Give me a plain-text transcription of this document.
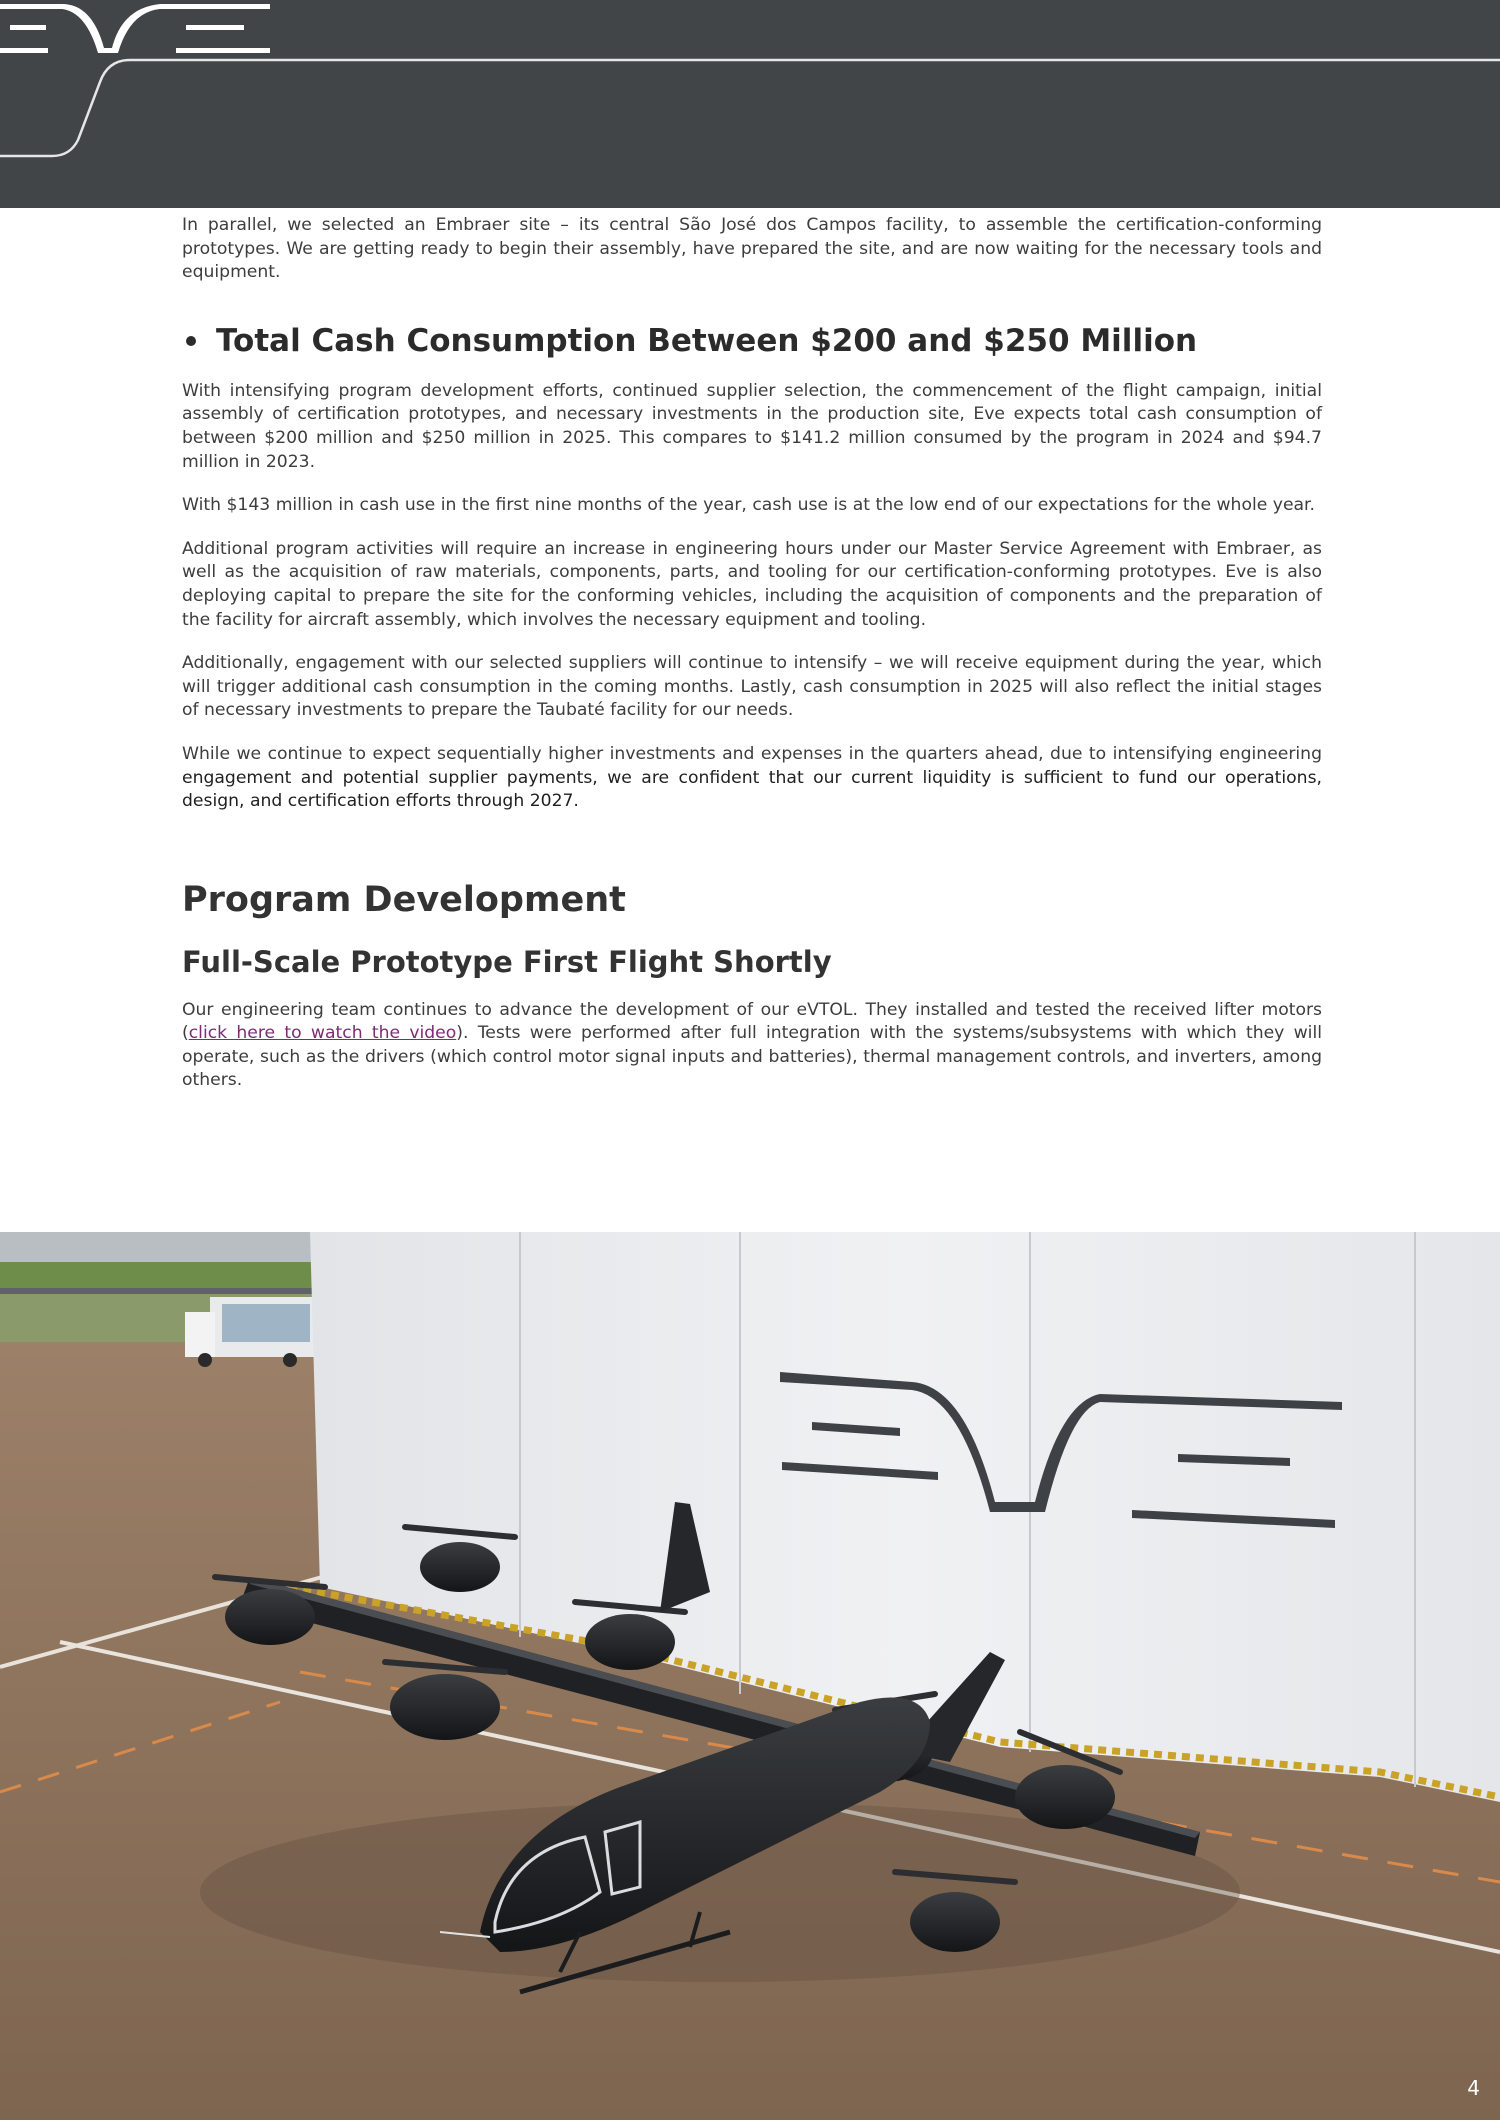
In parallel, we selected an Embraer site – its central São José dos Campos facility, to assemble the certification-conforming prototypes. We are getting ready to begin their assembly, have prepared the site, and are now waiting for the necessary tools and equipment.

Total Cash Consumption Between $200 and $250 Million

With intensifying program development efforts, continued supplier selection, the commencement of the flight campaign, initial assembly of certification prototypes, and necessary investments in the production site, Eve expects total cash consumption of between $200 million and $250 million in 2025. This compares to $141.2 million consumed by the program in 2024 and $94.7 million in 2023.

With $143 million in cash use in the first nine months of the year, cash use is at the low end of our expectations for the whole year.

Additional program activities will require an increase in engineering hours under our Master Service Agreement with Embraer, as well as the acquisition of raw materials, components, parts, and tooling for our certification-conforming prototypes. Eve is also deploying capital to prepare the site for the conforming vehicles, including the acquisition of components and the preparation of the facility for aircraft assembly, which involves the necessary equipment and tooling.

Additionally, engagement with our selected suppliers will continue to intensify – we will receive equipment during the year, which will trigger additional cash consumption in the coming months. Lastly, cash consumption in 2025 will also reflect the initial stages of necessary investments to prepare the Taubaté facility for our needs.

While we continue to expect sequentially higher investments and expenses in the quarters ahead, due to intensifying engineering engagement and potential supplier payments, we are confident that our current liquidity is sufficient to fund our operations, design, and certification efforts through 2027.

Program Development
Full-Scale Prototype First Flight Shortly

Our engineering team continues to advance the development of our eVTOL. They installed and tested the received lifter motors (click here to watch the video). Tests were performed after full integration with the systems/subsystems with which they will operate, such as the drivers (which control motor signal inputs and batteries), thermal management controls, and inverters, among others.

4
